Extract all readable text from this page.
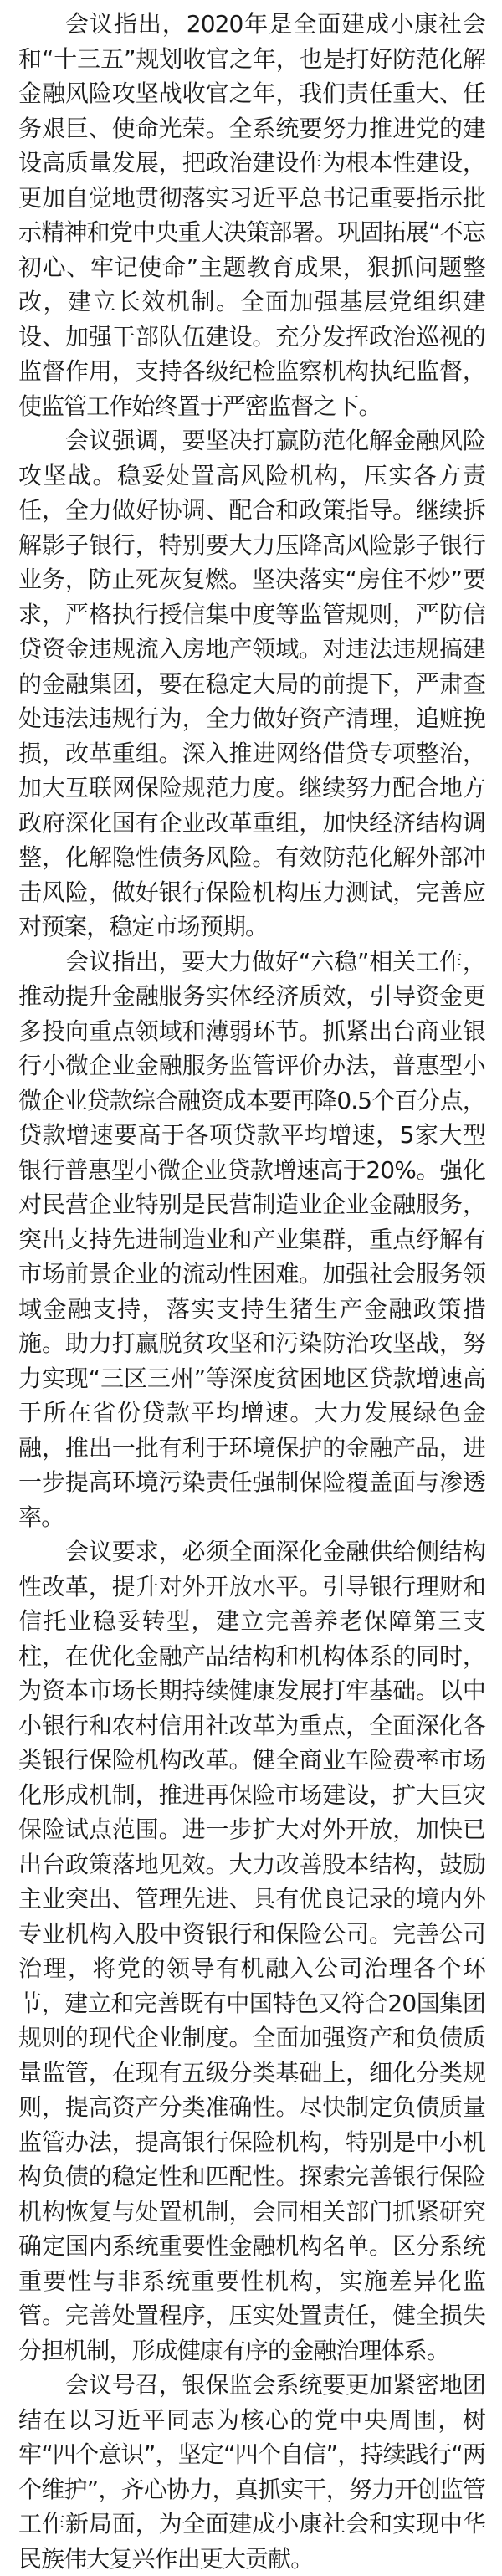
会议指出，2020年是全面建成小康社会和“十三五”规划收官之年，也是打好防范化解金融风险攻坚战收官之年，我们责任重大、任务艰巨、使命光荣。全系统要努力推进党的建设高质量发展，把政治建设作为根本性建设，更加自觉地贯彻落实习近平总书记重要指示批示精神和党中央重大决策部署。巩固拓展“不忘初心、牢记使命”主题教育成果，狠抓问题整改，建立长效机制。全面加强基层党组织建设、加强干部队伍建设。充分发挥政治巡视的监督作用，支持各级纪检监察机构执纪监督，使监管工作始终置于严密监督之下。

会议强调，要坚决打赢防范化解金融风险攻坚战。稳妥处置高风险机构，压实各方责任，全力做好协调、配合和政策指导。继续拆解影子银行，特别要大力压降高风险影子银行业务，防止死灰复燃。坚决落实“房住不炒”要求，严格执行授信集中度等监管规则，严防信贷资金违规流入房地产领域。对违法违规搞建的金融集团，要在稳定大局的前提下，严肃查处违法违规行为，全力做好资产清理，追赃挽损，改革重组。深入推进网络借贷专项整治，加大互联网保险规范力度。继续努力配合地方政府深化国有企业改革重组，加快经济结构调整，化解隐性债务风险。有效防范化解外部冲击风险，做好银行保险机构压力测试，完善应对预案，稳定市场预期。

会议指出，要大力做好“六稳”相关工作，推动提升金融服务实体经济质效，引导资金更多投向重点领域和薄弱环节。抓紧出台商业银行小微企业金融服务监管评价办法，普惠型小微企业贷款综合融资成本要再降0.5个百分点，贷款增速要高于各项贷款平均增速，5家大型银行普惠型小微企业贷款增速高于20%。强化对民营企业特别是民营制造业企业金融服务，突出支持先进制造业和产业集群，重点纾解有市场前景企业的流动性困难。加强社会服务领域金融支持，落实支持生猪生产金融政策措施。助力打赢脱贫攻坚和污染防治攻坚战，努力实现“三区三州”等深度贫困地区贷款增速高于所在省份贷款平均增速。大力发展绿色金融，推出一批有利于环境保护的金融产品，进一步提高环境污染责任强制保险覆盖面与渗透率。

会议要求，必须全面深化金融供给侧结构性改革，提升对外开放水平。引导银行理财和信托业稳妥转型，建立完善养老保障第三支柱，在优化金融产品结构和机构体系的同时，为资本市场长期持续健康发展打牢基础。以中小银行和农村信用社改革为重点，全面深化各类银行保险机构改革。健全商业车险费率市场化形成机制，推进再保险市场建设，扩大巨灾保险试点范围。进一步扩大对外开放，加快已出台政策落地见效。大力改善股本结构，鼓励主业突出、管理先进、具有优良记录的境内外专业机构入股中资银行和保险公司。完善公司治理，将党的领导有机融入公司治理各个环节，建立和完善既有中国特色又符合20国集团规则的现代企业制度。全面加强资产和负债质量监管，在现有五级分类基础上，细化分类规则，提高资产分类准确性。尽快制定负债质量监管办法，提高银行保险机构，特别是中小机构负债的稳定性和匹配性。探索完善银行保险机构恢复与处置机制，会同相关部门抓紧研究确定国内系统重要性金融机构名单。区分系统重要性与非系统重要性机构，实施差异化监管。完善处置程序，压实处置责任，健全损失分担机制，形成健康有序的金融治理体系。

会议号召，银保监会系统要更加紧密地团结在以习近平同志为核心的党中央周围，树牢“四个意识”，坚定“四个自信”，持续践行“两个维护”，齐心协力，真抓实干，努力开创监管工作新局面，为全面建成小康社会和实现中华民族伟大复兴作出更大贡献。
